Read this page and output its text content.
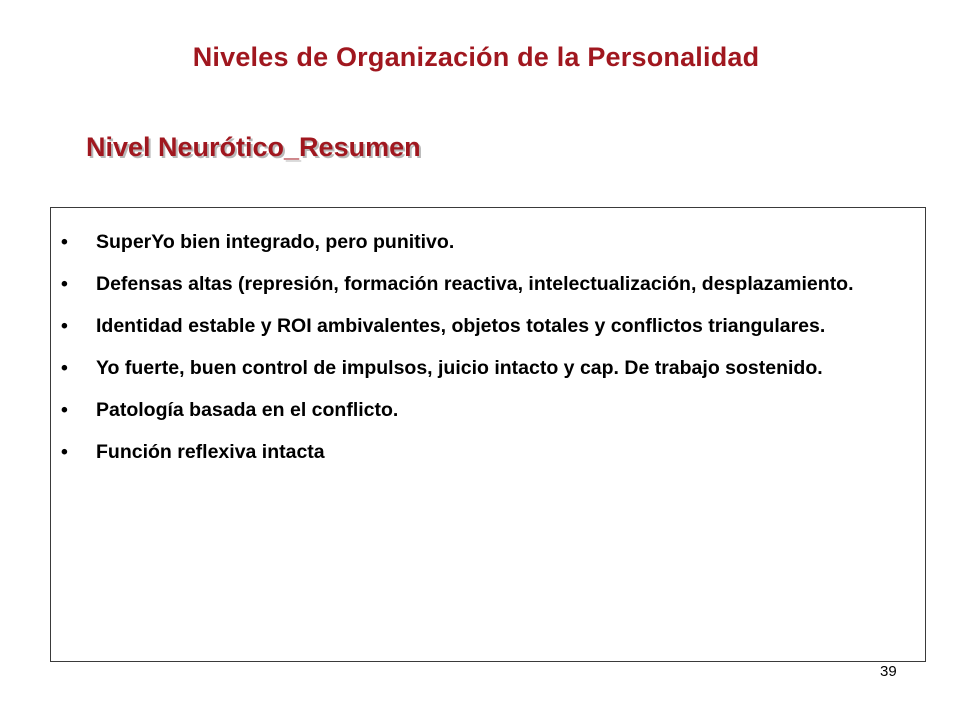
Niveles de Organización de la Personalidad
Nivel Neurótico_Resumen
• SuperYo bien integrado, pero punitivo.
• Defensas altas (represión, formación reactiva, intelectualización, desplazamiento.
• Identidad estable y ROI ambivalentes, objetos totales y conflictos triangulares.
• Yo fuerte, buen control de impulsos, juicio intacto y cap. De trabajo sostenido.
• Patología basada en el conflicto.
• Función reflexiva intacta
39
